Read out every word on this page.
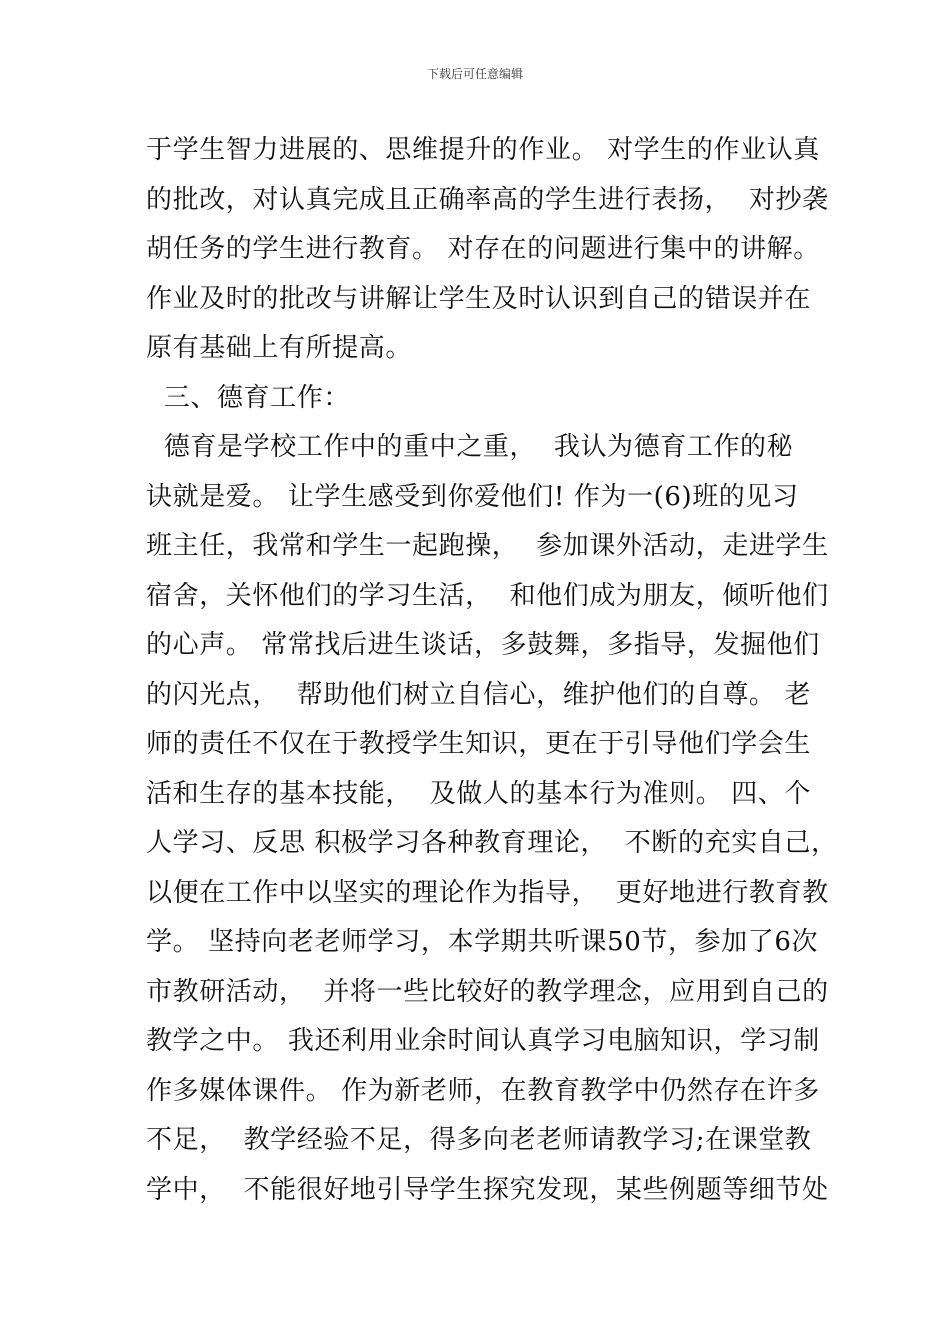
下载后可任意编辑
于学生智力进展的、思维提升的作业。 对学生的作业认真
的批改，对认真完成且正确率高的学生进行表扬，  对抄袭
胡任务的学生进行教育。 对存在的问题进行集中的讲解。
作业及时的批改与讲解让学生及时认识到自己的错误并在
原有基础上有所提高。
三、德育工作：
德育是学校工作中的重中之重，  我认为德育工作的秘
诀就是爱。 让学生感受到你爱他们! 作为一(6)班的见习
班主任，我常和学生一起跑操，  参加课外活动，走进学生
宿舍，关怀他们的学习生活，  和他们成为朋友，倾听他们
的心声。 常常找后进生谈话，多鼓舞，多指导，发掘他们
的闪光点，  帮助他们树立自信心，维护他们的自尊。 老
师的责任不仅在于教授学生知识，更在于引导他们学会生
活和生存的基本技能，  及做人的基本行为准则。 四、个
人学习、反思 积极学习各种教育理论，  不断的充实自己，
以便在工作中以坚实的理论作为指导，  更好地进行教育教
学。 坚持向老老师学习，本学期共听课50节，参加了6次
市教研活动，  并将一些比较好的教学理念，应用到自己的
教学之中。 我还利用业余时间认真学习电脑知识，学习制
作多媒体课件。 作为新老师，在教育教学中仍然存在许多
不足，  教学经验不足，得多向老老师请教学习;在课堂教
学中，  不能很好地引导学生探究发现，某些例题等细节处
